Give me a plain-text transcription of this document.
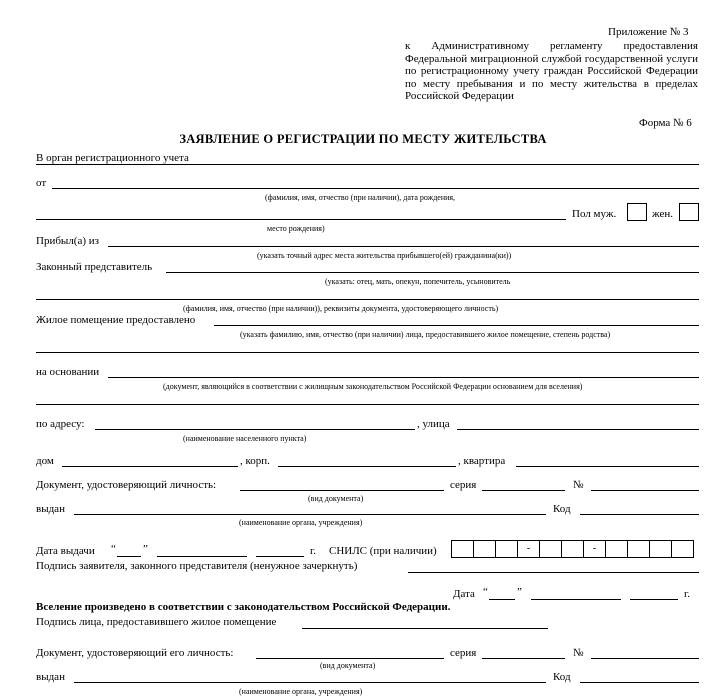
Приложение № 3
к Административному регламенту предоставления Федеральной миграционной службой государственной услуги по регистрационному учету граждан Российской Федерации по месту пребывания и по месту жительства в пределах Российской Федерации
Форма № 6
ЗАЯВЛЕНИЕ О РЕГИСТРАЦИИ ПО МЕСТУ ЖИТЕЛЬСТВА
В орган регистрационного учета
от
(фамилия, имя, отчество (при наличии), дата рождения,
Пол муж.	жен.
место рождения)
Прибыл(а) из
(указать точный адрес места жительства прибывшего(ей) гражданина(ки))
Законный представитель
(указать: отец, мать, опекун, попечитель, усыновитель
(фамилия, имя, отчество (при наличии)), реквизиты документа, удостоверяющего личность)
Жилое помещение предоставлено
(указать фамилию, имя, отчество (при наличии) лица, предоставившего жилое помещение, степень родства)
на основании
(документ, являющийся в соответствии с жилищным законодательством Российской Федерации основанием для вселения)
по адресу:	, улица
(наименование населенного пункта)
дом	, корп.	, квартира
Документ, удостоверяющий личность:	серия	№
(вид документа)
выдан	Код
(наименование органа, учреждения)
Дата выдачи “ ”	г. СНИЛС (при наличии)	-	-
Подпись заявителя, законного представителя (ненужное зачеркнуть)
Дата “	”	г.
Вселение произведено в соответствии с законодательством Российской Федерации.
Подпись лица, предоставившего жилое помещение
Документ, удостоверяющий его личность:	серия	№
(вид документа)
выдан	Код
(наименование органа, учреждения)
